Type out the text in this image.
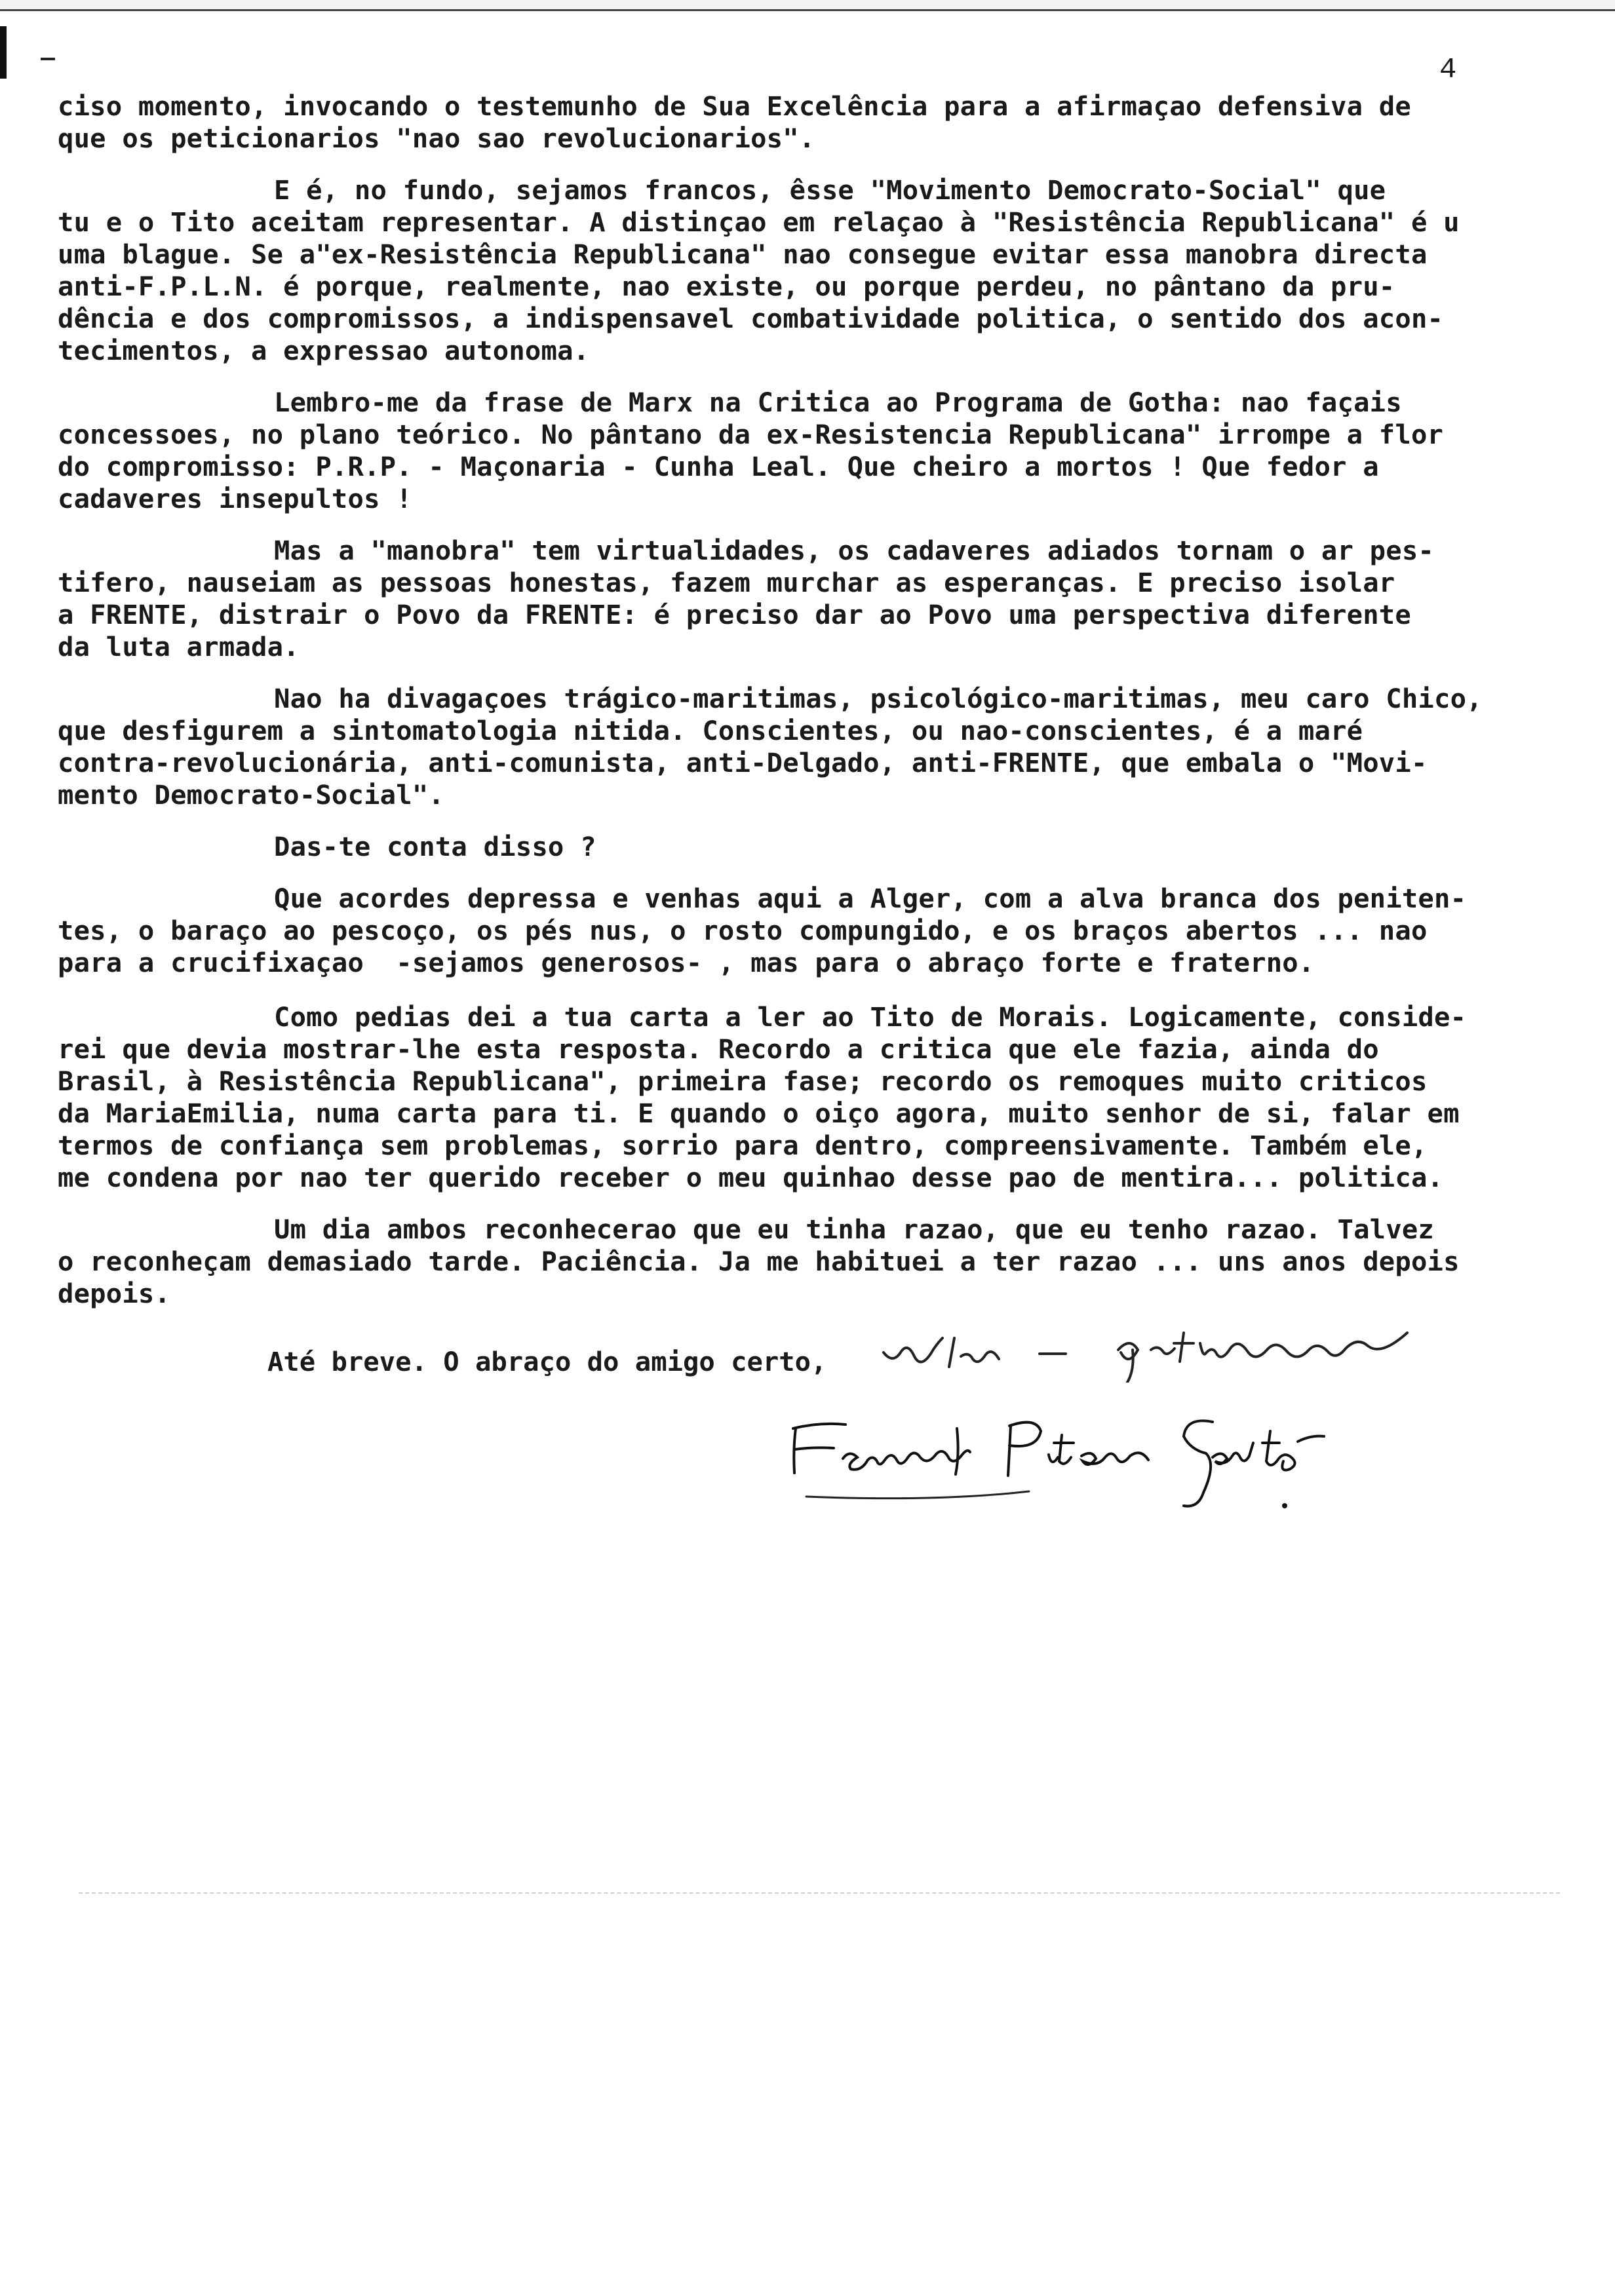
4
ciso momento, invocando o testemunho de Sua Excelência para a afirmaçao defensiva de
que os peticionarios "nao sao revolucionarios".
E é, no fundo, sejamos francos, êsse "Movimento Democrato-Social" que
tu e o Tito aceitam representar. A distinçao em relaçao à "Resistência Republicana" é u
uma blague. Se a"ex-Resistência Republicana" nao consegue evitar essa manobra directa
anti-F.P.L.N. é porque, realmente, nao existe, ou porque perdeu, no pântano da pru-
dência e dos compromissos, a indispensavel combatividade politica, o sentido dos acon-
tecimentos, a expressao autonoma.
Lembro-me da frase de Marx na Critica ao Programa de Gotha: nao façais
concessoes, no plano teórico. No pântano da ex-Resistencia Republicana" irrompe a flor
do compromisso: P.R.P. - Maçonaria - Cunha Leal. Que cheiro a mortos ! Que fedor a
cadaveres insepultos !
Mas a "manobra" tem virtualidades, os cadaveres adiados tornam o ar pes-
tifero, nauseiam as pessoas honestas, fazem murchar as esperanças. E preciso isolar
a FRENTE, distrair o Povo da FRENTE: é preciso dar ao Povo uma perspectiva diferente
da luta armada.
Nao ha divagaçoes trágico-maritimas, psicológico-maritimas, meu caro Chico,
que desfigurem a sintomatologia nitida. Conscientes, ou nao-conscientes, é a maré
contra-revolucionária, anti-comunista, anti-Delgado, anti-FRENTE, que embala o "Movi-
mento Democrato-Social".
Das-te conta disso ?
Que acordes depressa e venhas aqui a Alger, com a alva branca dos peniten-
tes, o baraço ao pescoço, os pés nus, o rosto compungido, e os braços abertos ... nao
para a crucifixaçao  -sejamos generosos- , mas para o abraço forte e fraterno.
Como pedias dei a tua carta a ler ao Tito de Morais. Logicamente, conside-
rei que devia mostrar-lhe esta resposta. Recordo a critica que ele fazia, ainda do
Brasil, à Resistência Republicana", primeira fase; recordo os remoques muito criticos
da MariaEmilia, numa carta para ti. E quando o oiço agora, muito senhor de si, falar em
termos de confiança sem problemas, sorrio para dentro, compreensivamente. Também ele,
me condena por nao ter querido receber o meu quinhao desse pao de mentira... politica.
Um dia ambos reconhecerao que eu tinha razao, que eu tenho razao. Talvez
o reconheçam demasiado tarde. Paciência. Ja me habituei a ter razao ... uns anos depois
depois.
Até breve. O abraço do amigo certo,
